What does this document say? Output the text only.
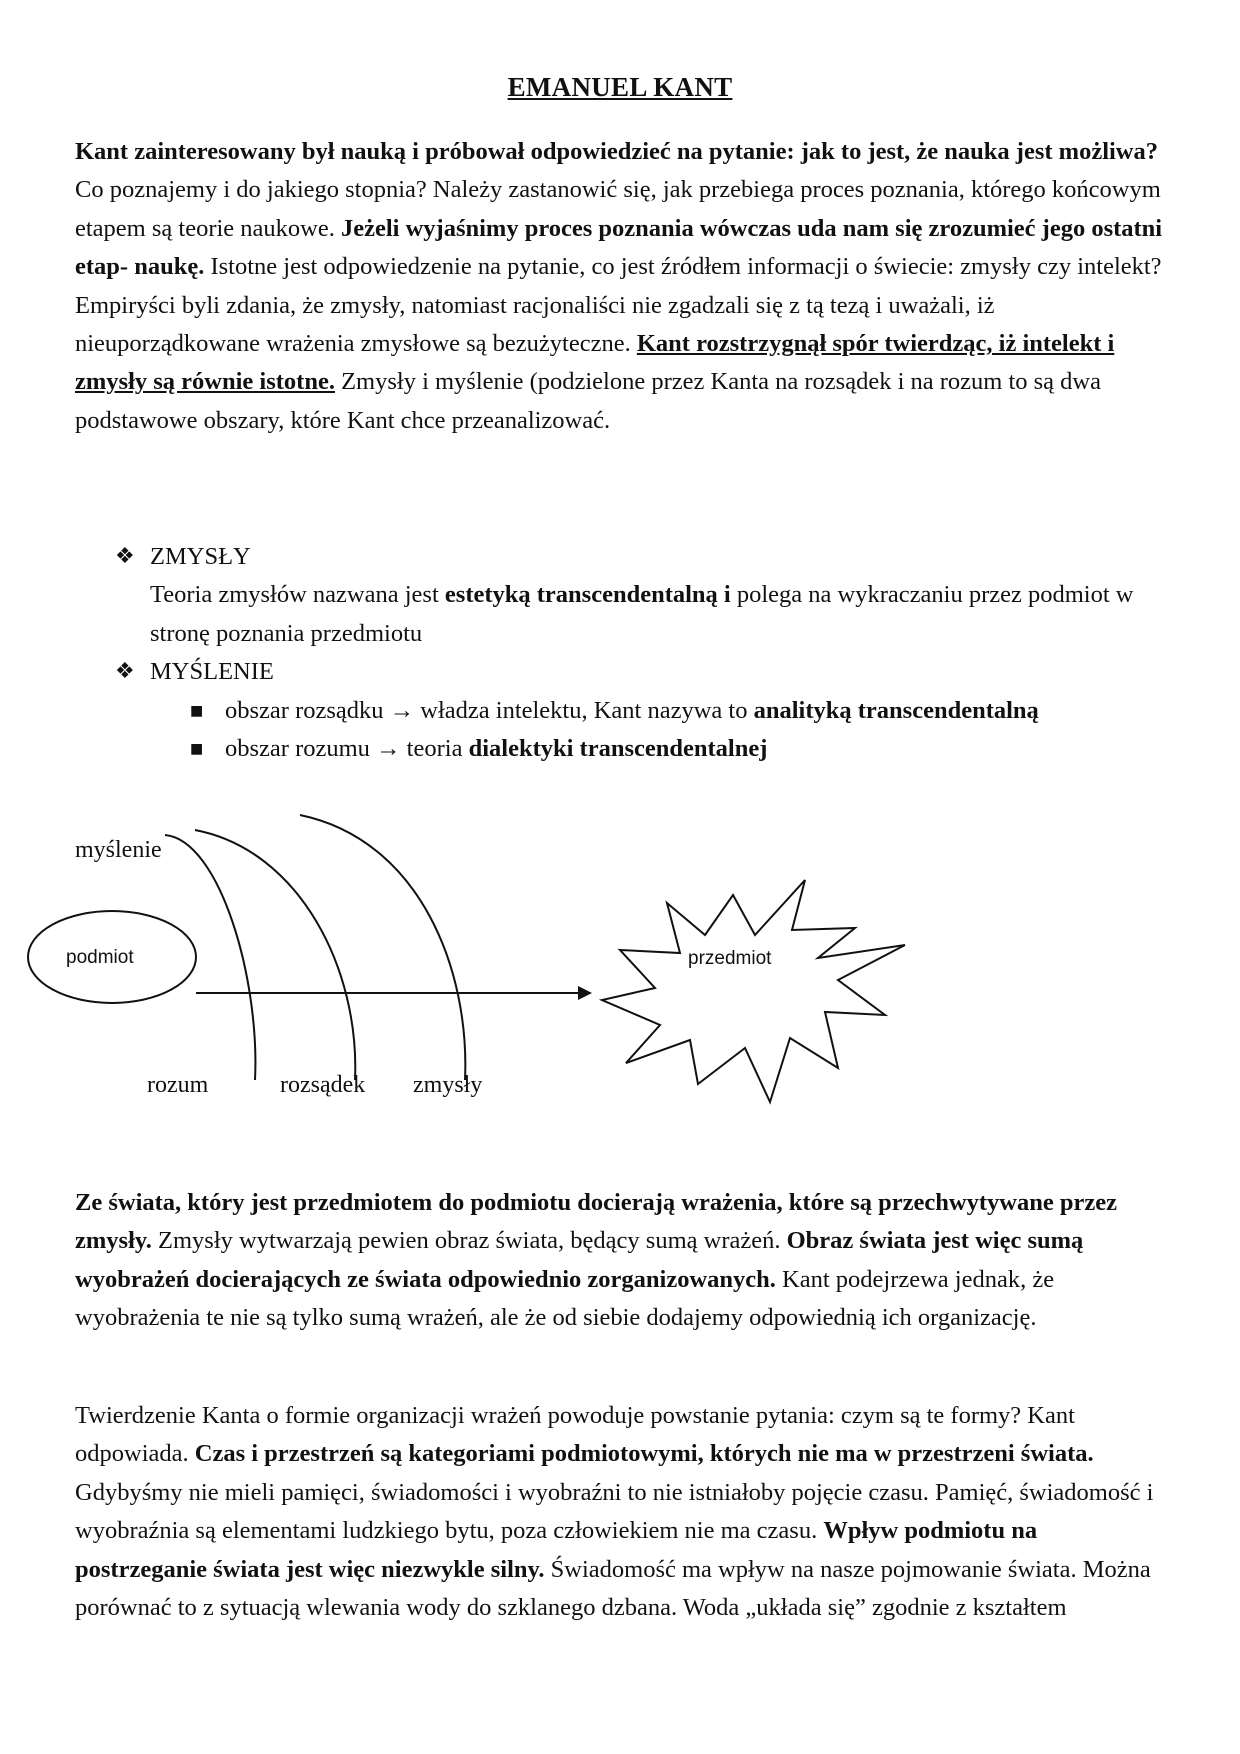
EMANUEL KANT

Kant zainteresowany był nauką i próbował odpowiedzieć na pytanie: jak to jest, że nauka jest możliwa? Co poznajemy i do jakiego stopnia? Należy zastanowić się, jak przebiega proces poznania, którego końcowym etapem są teorie naukowe. Jeżeli wyjaśnimy proces poznania wówczas uda nam się zrozumieć jego ostatni etap- naukę. Istotne jest odpowiedzenie na pytanie, co jest źródłem informacji o świecie: zmysły czy intelekt? Empiryści byli zdania, że zmysły, natomiast racjonaliści nie zgadzali się z tą tezą i uważali, iż nieuporządkowane wrażenia zmysłowe są bezużyteczne. Kant rozstrzygnął spór twierdząc, iż intelekt i zmysły są równie istotne. Zmysły i myślenie (podzielone przez Kanta na rozsądek i na rozum to są dwa podstawowe obszary, które Kant chce przeanalizować.

❖ ZMYSŁY
Teoria zmysłów nazwana jest estetyką transcendentalną i polega na wykraczaniu przez podmiot w stronę poznania przedmiotu
❖ MYŚLENIE
■ obszar rozsądku → władza intelektu, Kant nazywa to analityką transcendentalną
■ obszar rozumu → teoria dialektyki transcendentalnej
myślenie
podmiot	przedmiot
rozum	rozsądek zmysły

Ze świata, który jest przedmiotem do podmiotu docierają wrażenia, które są przechwytywane przez zmysły. Zmysły wytwarzają pewien obraz świata, będący sumą wrażeń. Obraz świata jest więc sumą wyobrażeń docierających ze świata odpowiednio zorganizowanych. Kant podejrzewa jednak, że wyobrażenia te nie są tylko sumą wrażeń, ale że od siebie dodajemy odpowiednią ich organizację.

Twierdzenie Kanta o formie organizacji wrażeń powoduje powstanie pytania: czym są te formy? Kant odpowiada. Czas i przestrzeń są kategoriami podmiotowymi, których nie ma w przestrzeni świata. Gdybyśmy nie mieli pamięci, świadomości i wyobraźni to nie istniałoby pojęcie czasu. Pamięć, świadomość i wyobraźnia są elementami ludzkiego bytu, poza człowiekiem nie ma czasu. Wpływ podmiotu na postrzeganie świata jest więc niezwykle silny. Świadomość ma wpływ na nasze pojmowanie świata. Można porównać to z sytuacją wlewania wody do szklanego dzbana. Woda „układa się” zgodnie z kształtem
